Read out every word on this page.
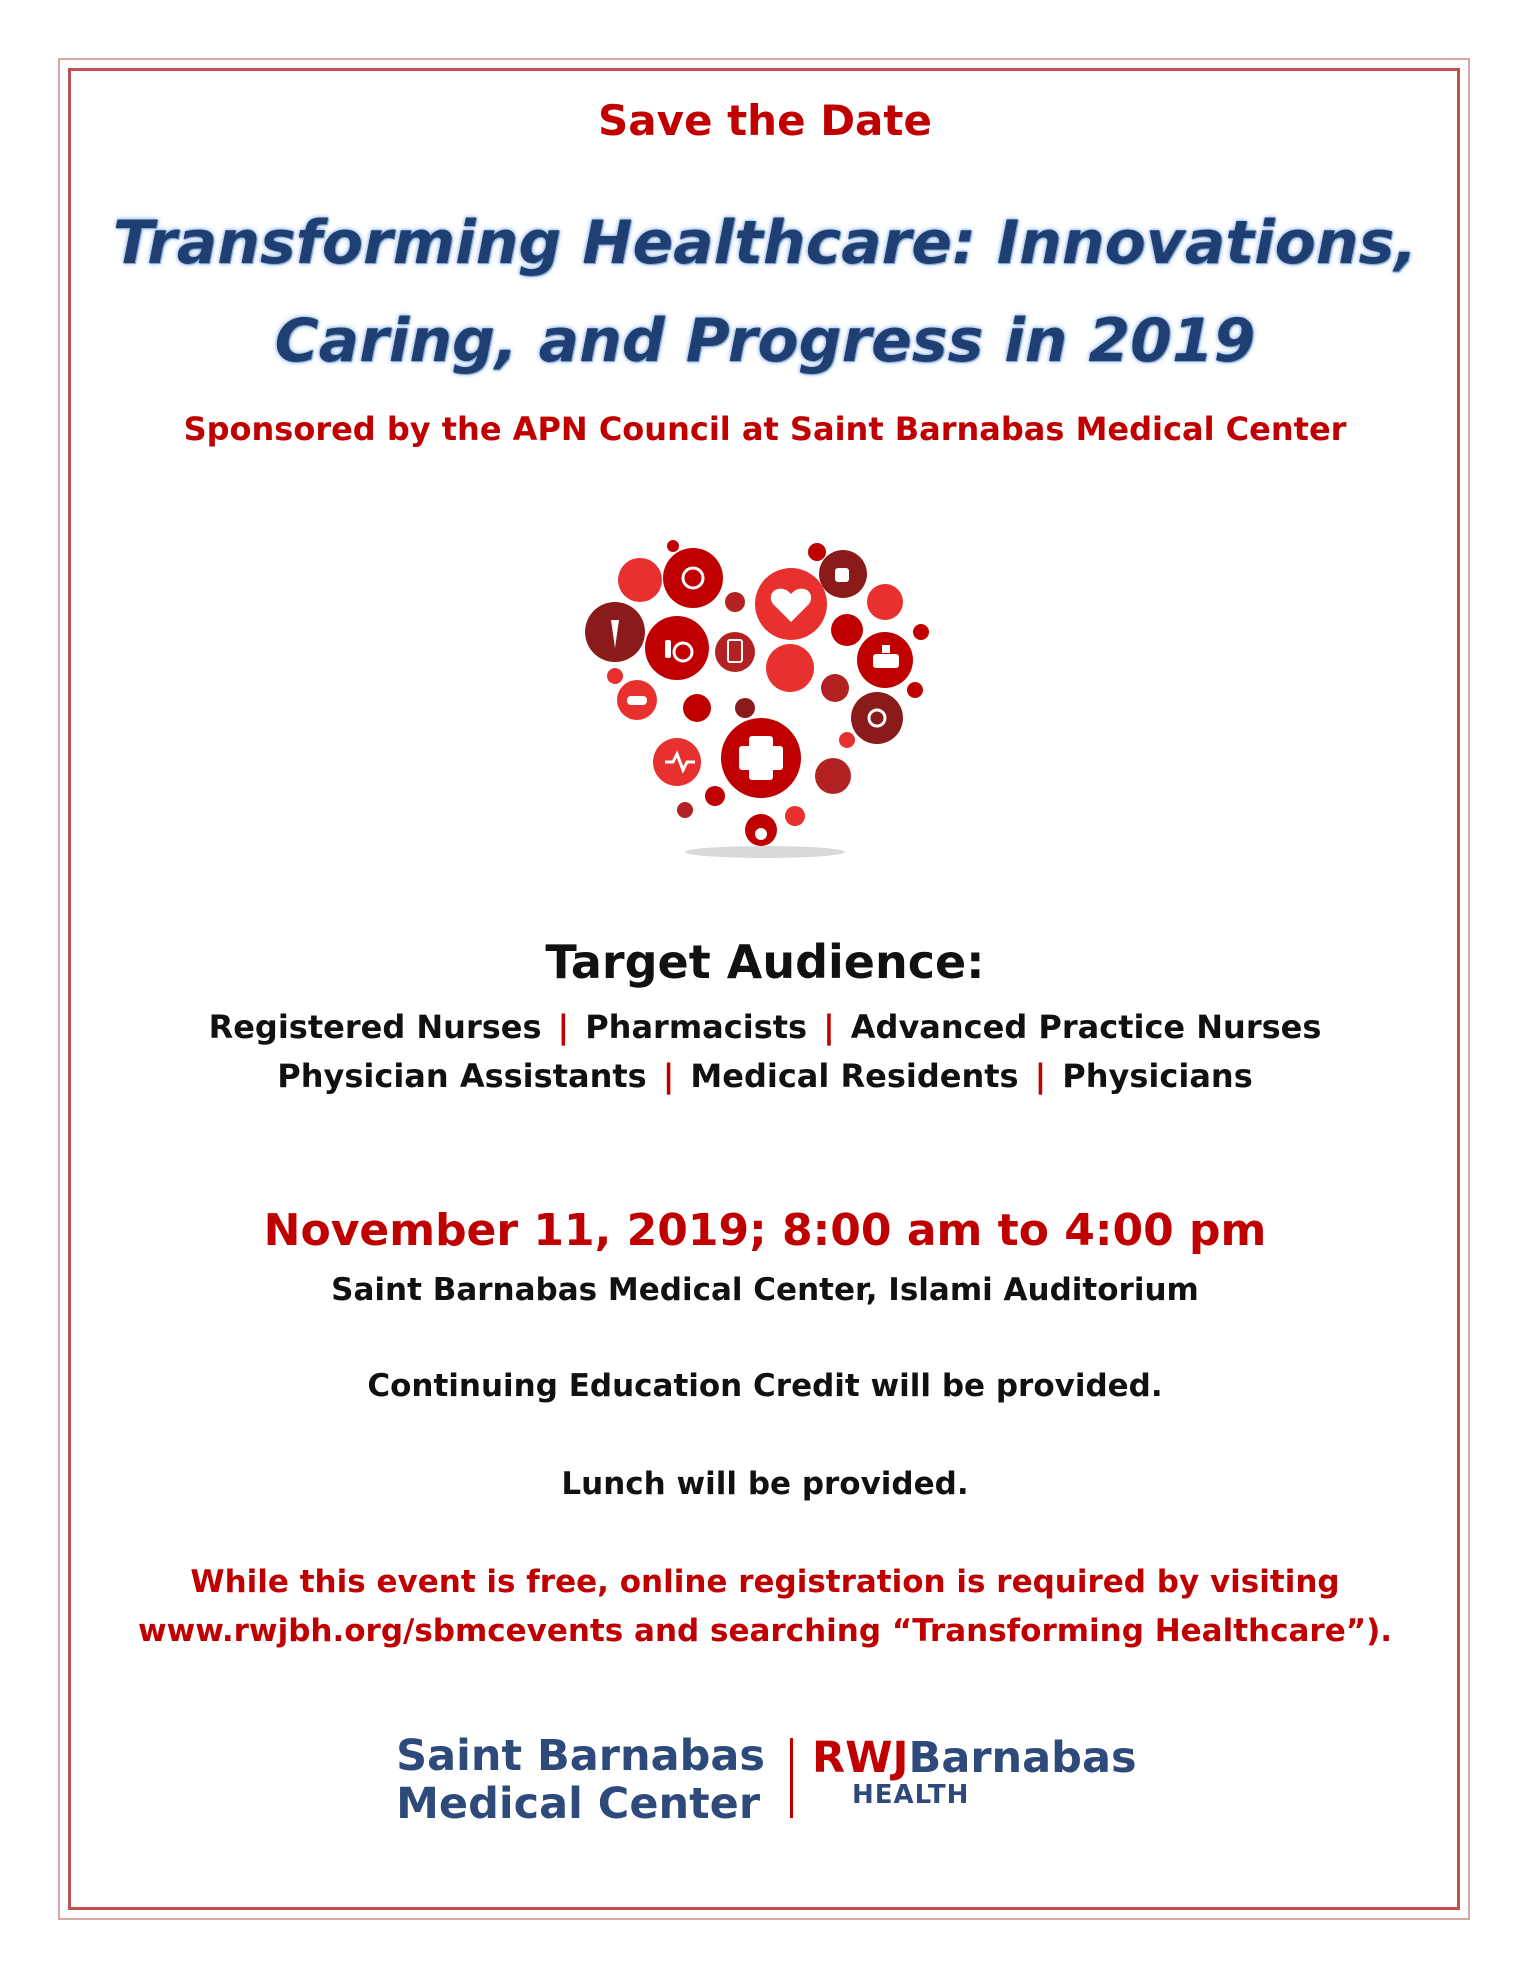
Save the Date
Transforming Healthcare: Innovations,
Caring, and Progress in 2019
Sponsored by the APN Council at Saint Barnabas Medical Center
Target Audience:
Registered Nurses | Pharmacists | Advanced Practice Nurses
Physician Assistants | Medical Residents | Physicians
November 11, 2019; 8:00 am to 4:00 pm
Saint Barnabas Medical Center, Islami Auditorium
Continuing Education Credit will be provided.
Lunch will be provided.
While this event is free, online registration is required by visiting
www.rwjbh.org/sbmcevents and searching “Transforming Healthcare”).
Saint Barnabas
Medical Center
RWJBarnabas
HEALTH
